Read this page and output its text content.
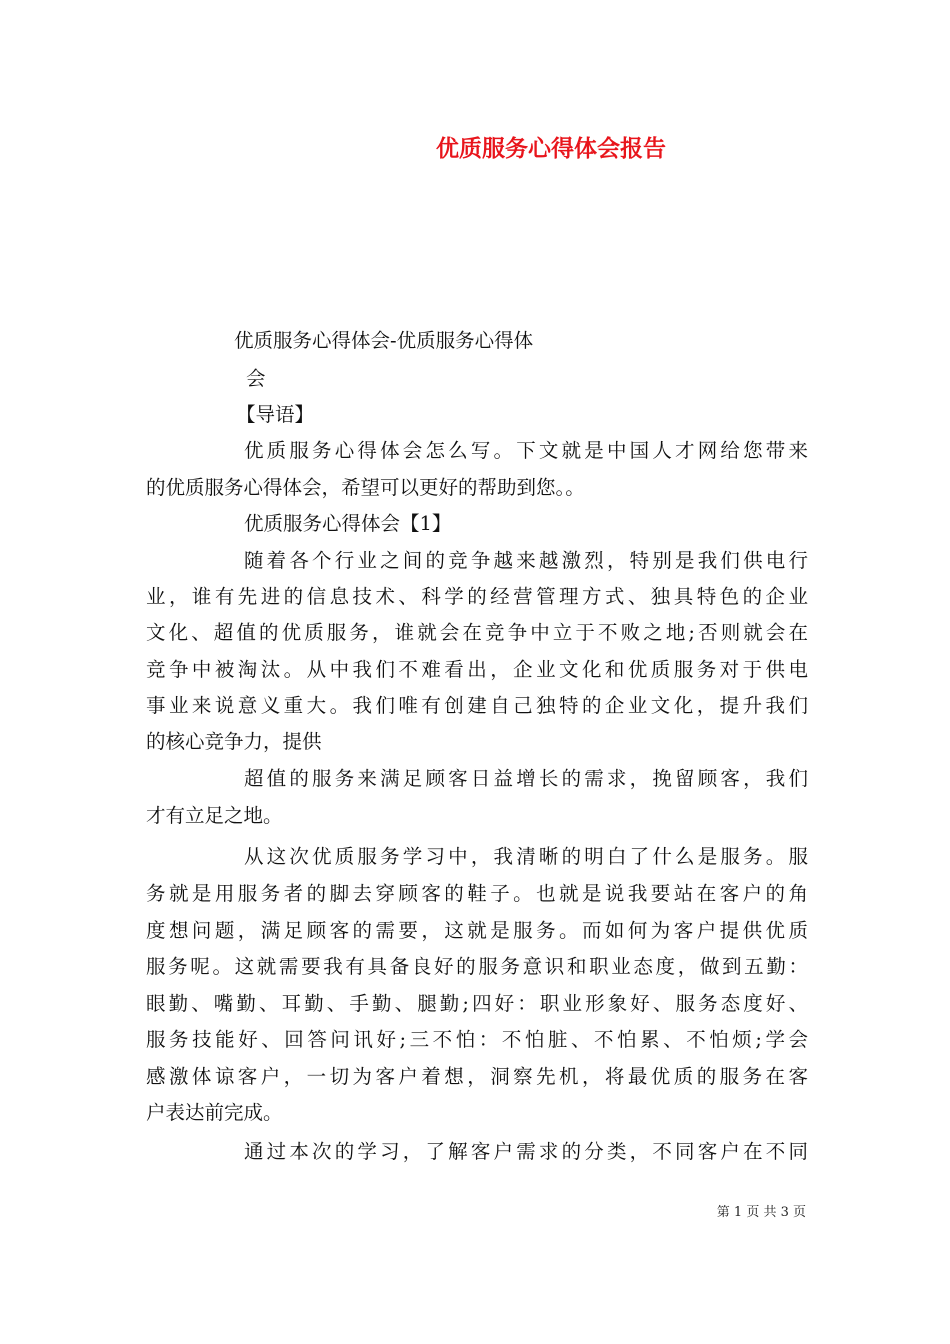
优质服务心得体会报告
优质服务心得体会-优质服务心得体
会
【导语】
优质服务心得体会怎么写。下文就是中国人才网给您带来
的优质服务心得体会，希望可以更好的帮助到您。。
优质服务心得体会【1】
随着各个行业之间的竞争越来越激烈，特别是我们供电行
业，谁有先进的信息技术、科学的经营管理方式、独具特色的企业
文化、超值的优质服务，谁就会在竞争中立于不败之地;否则就会在
竞争中被淘汰。从中我们不难看出，企业文化和优质服务对于供电
事业来说意义重大。我们唯有创建自己独特的企业文化，提升我们
的核心竞争力，提供
超值的服务来满足顾客日益增长的需求，挽留顾客，我们
才有立足之地。
从这次优质服务学习中，我清晰的明白了什么是服务。服
务就是用服务者的脚去穿顾客的鞋子。也就是说我要站在客户的角
度想问题，满足顾客的需要，这就是服务。而如何为客户提供优质
服务呢。这就需要我有具备良好的服务意识和职业态度，做到五勤：
眼勤、嘴勤、耳勤、手勤、腿勤;四好：职业形象好、服务态度好、
服务技能好、回答问讯好;三不怕：不怕脏、不怕累、不怕烦;学会
感激体谅客户，一切为客户着想，洞察先机，将最优质的服务在客
户表达前完成。
通过本次的学习，了解客户需求的分类，不同客户在不同
第 1 页 共 3 页
